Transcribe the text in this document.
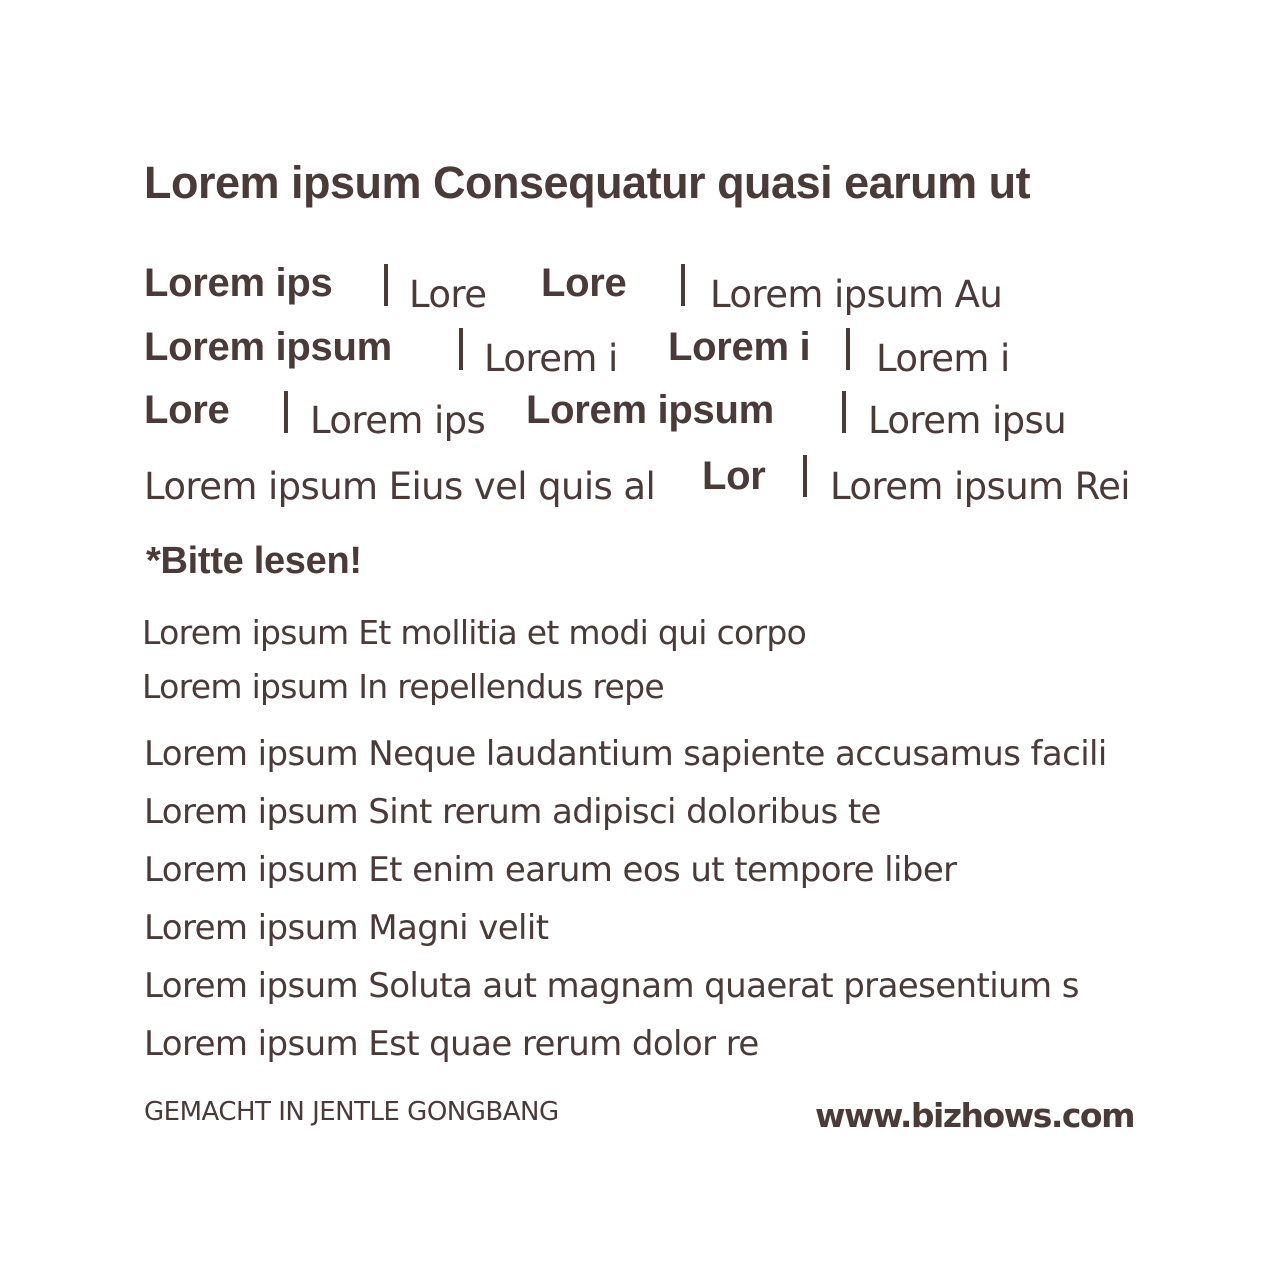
Lorem ipsum Consequatur quasi earum ut
Lorem ips Lore Lore Lorem ipsum Au
Lorem ipsum Lorem i Lorem i Lorem i
Lore Lorem ips Lorem ipsum	Lorem ipsu
Lorem ipsum Eius vel quis al Lor Lorem ipsum Rei
*Bitte lesen!
Lorem ipsum Et mollitia et modi qui corpo
Lorem ipsum In repellendus repe
Lorem ipsum Neque laudantium sapiente accusamus facili
Lorem ipsum Sint rerum adipisci doloribus te
Lorem ipsum Et enim earum eos ut tempore liber
Lorem ipsum Magni velit
Lorem ipsum Soluta aut magnam quaerat praesentium s
Lorem ipsum Est quae rerum dolor re
GEMACHT IN JENTLE GONGBANG	www.bizhows.com
